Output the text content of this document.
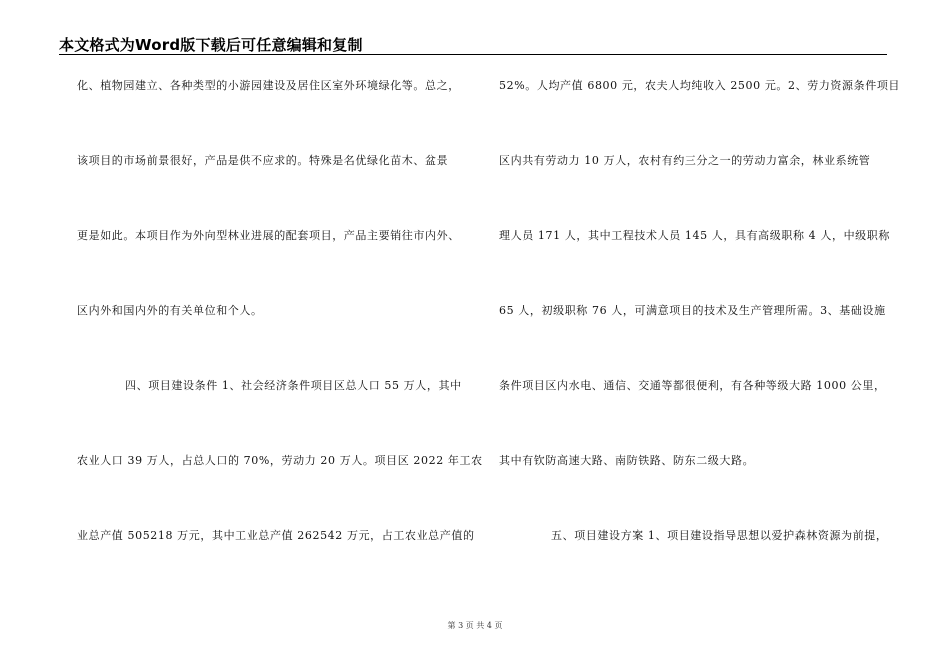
本文格式为Word版下载后可任意编辑和复制
化、植物园建立、各种类型的小游园建设及居住区室外环境绿化等。总之，
该项目的市场前景很好，产品是供不应求的。特殊是名优绿化苗木、盆景
更是如此。本项目作为外向型林业进展的配套项目，产品主要销往市内外、
区内外和国内外的有关单位和个人。
四、项目建设条件 1、社会经济条件项目区总人口 55 万人，其中
农业人口 39 万人，占总人口的 70%，劳动力 20 万人。项目区 2022 年工农
业总产值 505218 万元，其中工业总产值 262542 万元，占工农业总产值的
52%。人均产值 6800 元，农夫人均纯收入 2500 元。2、劳力资源条件项目
区内共有劳动力 10 万人，农村有约三分之一的劳动力富余，林业系统管
理人员 171 人，其中工程技术人员 145 人，具有高级职称 4 人，中级职称
65 人，初级职称 76 人，可满意项目的技术及生产管理所需。3、基础设施
条件项目区内水电、通信、交通等都很便利，有各种等级大路 1000 公里，
其中有钦防高速大路、南防铁路、防东二级大路。
五、项目建设方案 1、项目建设指导思想以爱护森林资源为前提，
第 3 页 共 4 页
